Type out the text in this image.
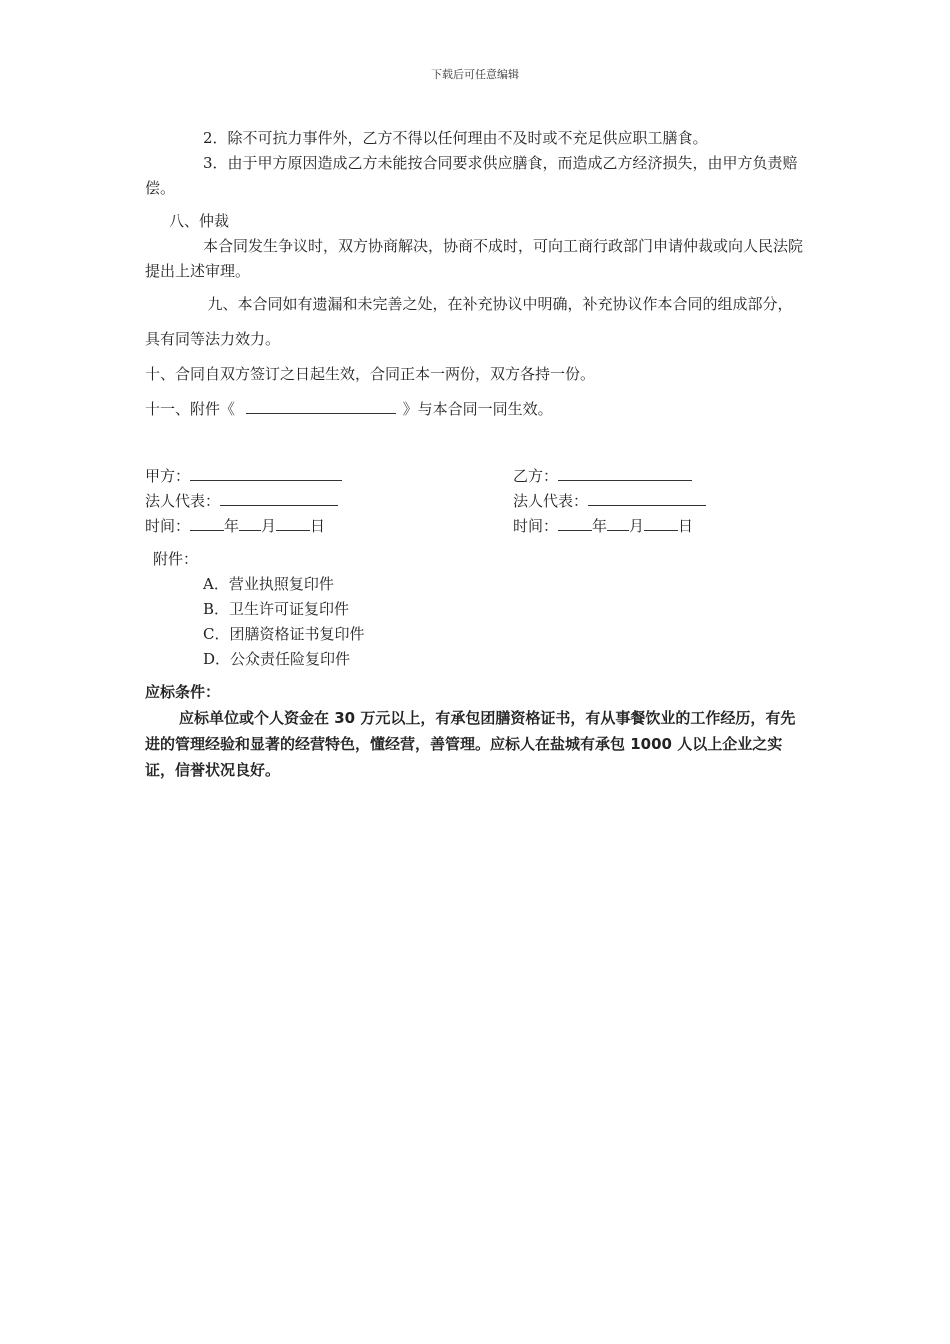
下载后可任意编辑

2．除不可抗力事件外，乙方不得以任何理由不及时或不充足供应职工膳食。

3．由于甲方原因造成乙方未能按合同要求供应膳食，而造成乙方经济损失，由甲方负责赔偿。

八、仲裁

本合同发生争议时，双方协商解决，协商不成时，可向工商行政部门申请仲裁或向人民法院提出上述审理。

九、本合同如有遗漏和未完善之处，在补充协议中明确，补充协议作本合同的组成部分，

具有同等法力效力。

十、合同自双方签订之日起生效，合同正本一两份，双方各持一份。

十一、附件《	》与本合同一同生效。

甲方：
法人代表：
时间： 年 月 日
乙方：
法人代表：
时间： 年 月 日

附件：

A．营业执照复印件

B．卫生许可证复印件

C．团膳资格证书复印件

D．公众责任险复印件

应标条件：

应标单位或个人资金在 30 万元以上，有承包团膳资格证书，有从事餐饮业的工作经历，有先进的管理经验和显著的经营特色，懂经营，善管理。应标人在盐城有承包 1000 人以上企业之实证，信誉状况良好。
